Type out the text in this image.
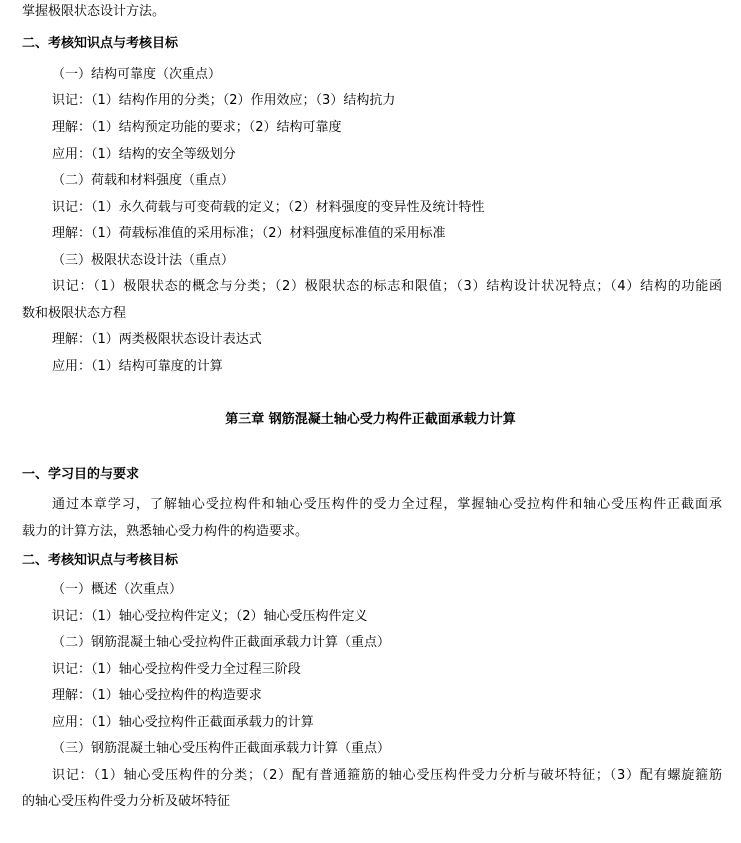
掌握极限状态设计方法。
二、考核知识点与考核目标
（一）结构可靠度（次重点）
识记：（1）结构作用的分类；（2）作用效应；（3）结构抗力
理解：（1）结构预定功能的要求；（2）结构可靠度
应用：（1）结构的安全等级划分
（二）荷载和材料强度（重点）
识记：（1）永久荷载与可变荷载的定义；（2）材料强度的变异性及统计特性
理解：（1）荷载标准值的采用标准；（2）材料强度标准值的采用标准
（三）极限状态设计法（重点）
识记：（1）极限状态的概念与分类；（2）极限状态的标志和限值；（3）结构设计状况特点；（4）结构的功能函
数和极限状态方程
理解：（1）两类极限状态设计表达式
应用：（1）结构可靠度的计算
第三章 钢筋混凝土轴心受力构件正截面承载力计算
一、学习目的与要求
通过本章学习，了解轴心受拉构件和轴心受压构件的受力全过程，掌握轴心受拉构件和轴心受压构件正截面承
载力的计算方法，熟悉轴心受力构件的构造要求。
二、考核知识点与考核目标
（一）概述（次重点）
识记：（1）轴心受拉构件定义；（2）轴心受压构件定义
（二）钢筋混凝土轴心受拉构件正截面承载力计算（重点）
识记：（1）轴心受拉构件受力全过程三阶段
理解：（1）轴心受拉构件的构造要求
应用：（1）轴心受拉构件正截面承载力的计算
（三）钢筋混凝土轴心受压构件正截面承载力计算（重点）
识记：（1）轴心受压构件的分类；（2）配有普通箍筋的轴心受压构件受力分析与破坏特征；（3）配有螺旋箍筋
的轴心受压构件受力分析及破坏特征
